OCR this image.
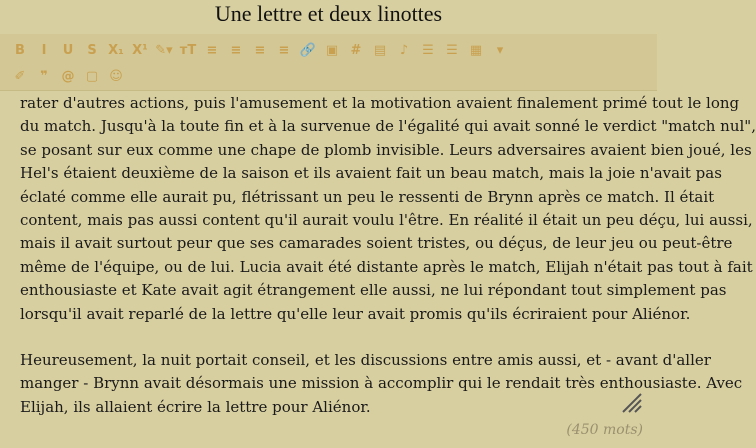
Une lettre et deux linottes
B	I	U	S X₁ X¹ ✎▾ ᴛT ≡	≡	≡	≡ 🔗 ▣ # ▤	♪	☰ ☰ ▦	▾
✐	❞	@ ▢ ☺
rater d'autres actions, puis l'amusement et la motivation avaient finalement primé tout le long
du match. Jusqu'à la toute fin et à la survenue de l'égalité qui avait sonné le verdict "match nul",
se posant sur eux comme une chape de plomb invisible. Leurs adversaires avaient bien joué, les
Hel's étaient deuxième de la saison et ils avaient fait un beau match, mais la joie n'avait pas
éclaté comme elle aurait pu, flétrissant un peu le ressenti de Brynn après ce match. Il était
content, mais pas aussi content qu'il aurait voulu l'être. En réalité il était un peu déçu, lui aussi,
mais il avait surtout peur que ses camarades soient tristes, ou déçus, de leur jeu ou peut-être
même de l'équipe, ou de lui. Lucia avait été distante après le match, Elijah n'était pas tout à fait
enthousiaste et Kate avait agit étrangement elle aussi, ne lui répondant tout simplement pas
lorsqu'il avait reparlé de la lettre qu'elle leur avait promis qu'ils écriraient pour Aliénor.
Heureusement, la nuit portait conseil, et les discussions entre amis aussi, et - avant d'aller
manger - Brynn avait désormais une mission à accomplir qui le rendait très enthousiaste. Avec
Elijah, ils allaient écrire la lettre pour Aliénor.
(450 mots)
